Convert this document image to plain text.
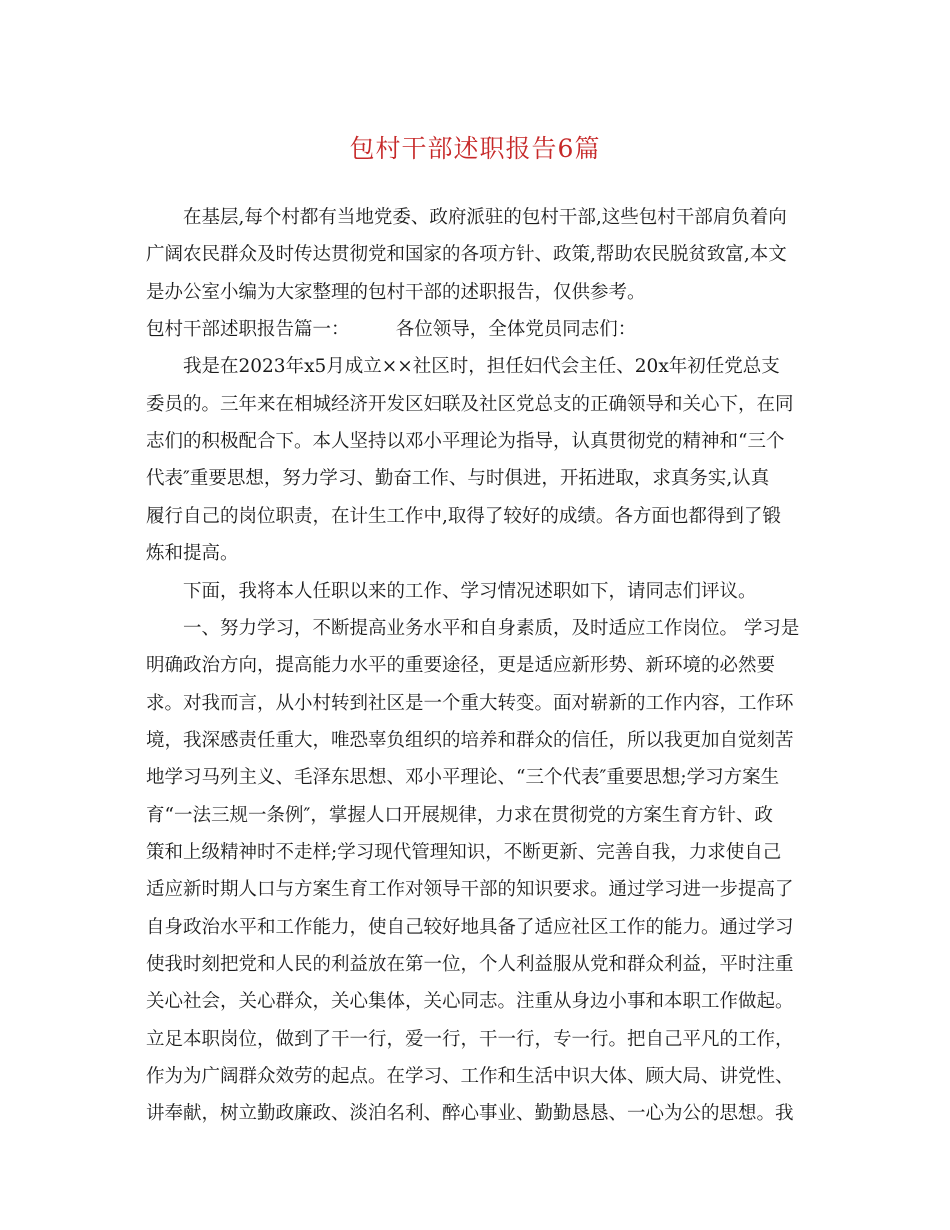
包村干部述职报告6篇
在基层,每个村都有当地党委、政府派驻的包村干部,这些包村干部肩负着向
广阔农民群众及时传达贯彻党和国家的各项方针、政策,帮助农民脱贫致富,本文
是办公室小编为大家整理的包村干部的述职报告，仅供参考。
包村干部述职报告篇一：　　　各位领导，全体党员同志们：
我是在2023年x5月成立××社区时，担任妇代会主任、20x年初任党总支
委员的。三年来在相城经济开发区妇联及社区党总支的正确领导和关心下，在同
志们的积极配合下。本人坚持以邓小平理论为指导，认真贯彻党的精神和“三个
代表″重要思想，努力学习、勤奋工作、与时俱进，开拓进取，求真务实,认真
履行自己的岗位职责，在计生工作中,取得了较好的成绩。各方面也都得到了锻
炼和提高。
下面，我将本人任职以来的工作、学习情况述职如下，请同志们评议。
一、努力学习，不断提高业务水平和自身素质，及时适应工作岗位。 学习是
明确政治方向，提高能力水平的重要途径，更是适应新形势、新环境的必然要
求。对我而言，从小村转到社区是一个重大转变。面对崭新的工作内容，工作环
境，我深感责任重大，唯恐辜负组织的培养和群众的信任，所以我更加自觉刻苦
地学习马列主义、毛泽东思想、邓小平理论、“三个代表″重要思想;学习方案生
育“一法三规一条例″，掌握人口开展规律，力求在贯彻党的方案生育方针、政
策和上级精神时不走样;学习现代管理知识，不断更新、完善自我，力求使自己
适应新时期人口与方案生育工作对领导干部的知识要求。通过学习进一步提高了
自身政治水平和工作能力，使自己较好地具备了适应社区工作的能力。通过学习
使我时刻把党和人民的利益放在第一位，个人利益服从党和群众利益，平时注重
关心社会，关心群众，关心集体，关心同志。注重从身边小事和本职工作做起。
立足本职岗位，做到了干一行，爱一行，干一行，专一行。把自己平凡的工作，
作为为广阔群众效劳的起点。在学习、工作和生活中识大体、顾大局、讲党性、
讲奉献，树立勤政廉政、淡泊名利、醉心事业、勤勤恳恳、一心为公的思想。我
